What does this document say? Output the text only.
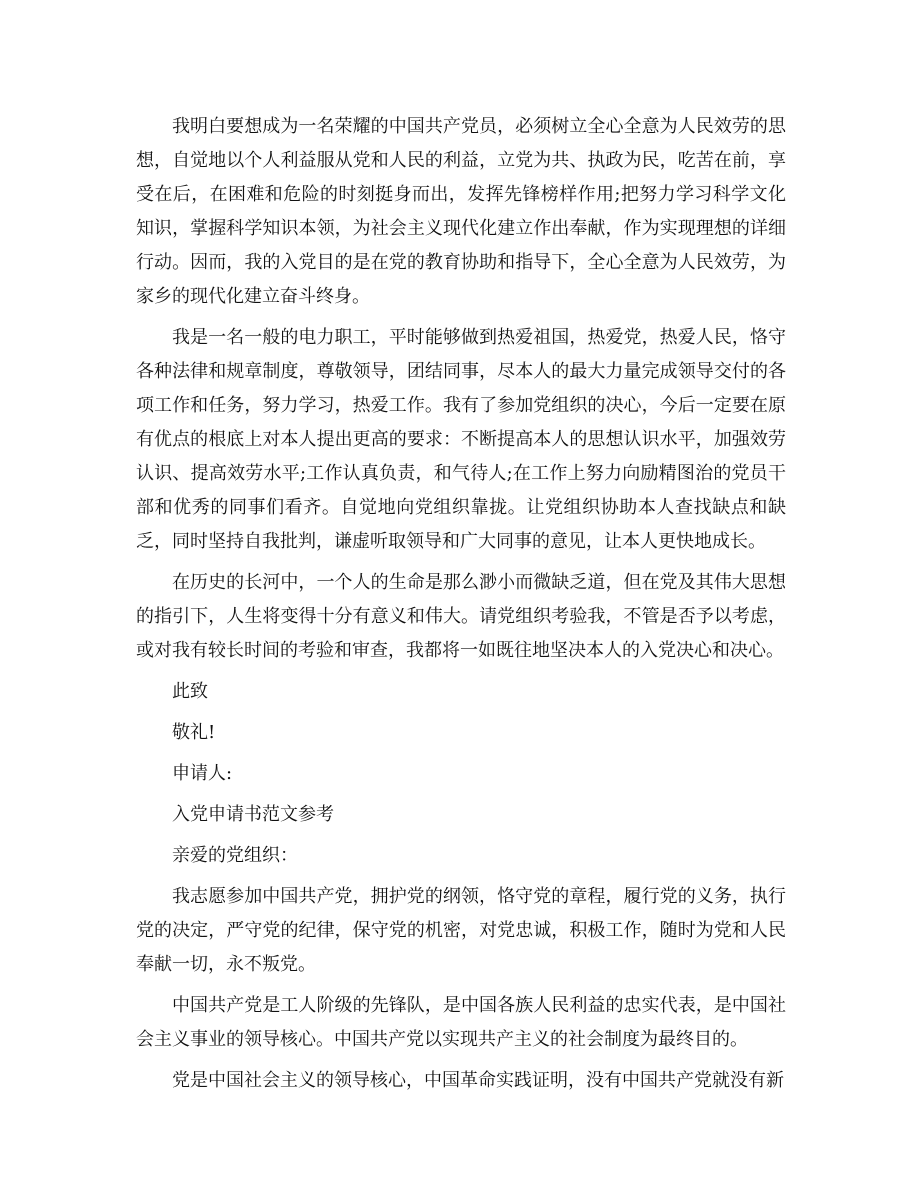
我明白要想成为一名荣耀的中国共产党员，必须树立全心全意为人民效劳的思想，自觉地以个人利益服从党和人民的利益，立党为共、执政为民，吃苦在前，享受在后，在困难和危险的时刻挺身而出，发挥先锋榜样作用;把努力学习科学文化知识，掌握科学知识本领，为社会主义现代化建立作出奉献，作为实现理想的详细行动。因而，我的入党目的是在党的教育协助和指导下，全心全意为人民效劳，为家乡的现代化建立奋斗终身。

我是一名一般的电力职工，平时能够做到热爱祖国，热爱党，热爱人民，恪守各种法律和规章制度，尊敬领导，团结同事，尽本人的最大力量完成领导交付的各项工作和任务，努力学习，热爱工作。我有了参加党组织的决心，今后一定要在原有优点的根底上对本人提出更高的要求：不断提高本人的思想认识水平，加强效劳认识、提高效劳水平;工作认真负责，和气待人;在工作上努力向励精图治的党员干部和优秀的同事们看齐。自觉地向党组织靠拢。让党组织协助本人查找缺点和缺乏，同时坚持自我批判，谦虚听取领导和广大同事的意见，让本人更快地成长。

在历史的长河中，一个人的生命是那么渺小而微缺乏道，但在党及其伟大思想的指引下，人生将变得十分有意义和伟大。请党组织考验我，不管是否予以考虑，或对我有较长时间的考验和审查，我都将一如既往地坚决本人的入党决心和决心。

此致

敬礼!

申请人:

入党申请书范文参考

亲爱的党组织：

我志愿参加中国共产党，拥护党的纲领，恪守党的章程，履行党的义务，执行党的决定，严守党的纪律，保守党的机密，对党忠诚，积极工作，随时为党和人民奉献一切，永不叛党。

中国共产党是工人阶级的先锋队，是中国各族人民利益的忠实代表，是中国社会主义事业的领导核心。中国共产党以实现共产主义的社会制度为最终目的。

党是中国社会主义的领导核心，中国革命实践证明，没有中国共产党就没有新
